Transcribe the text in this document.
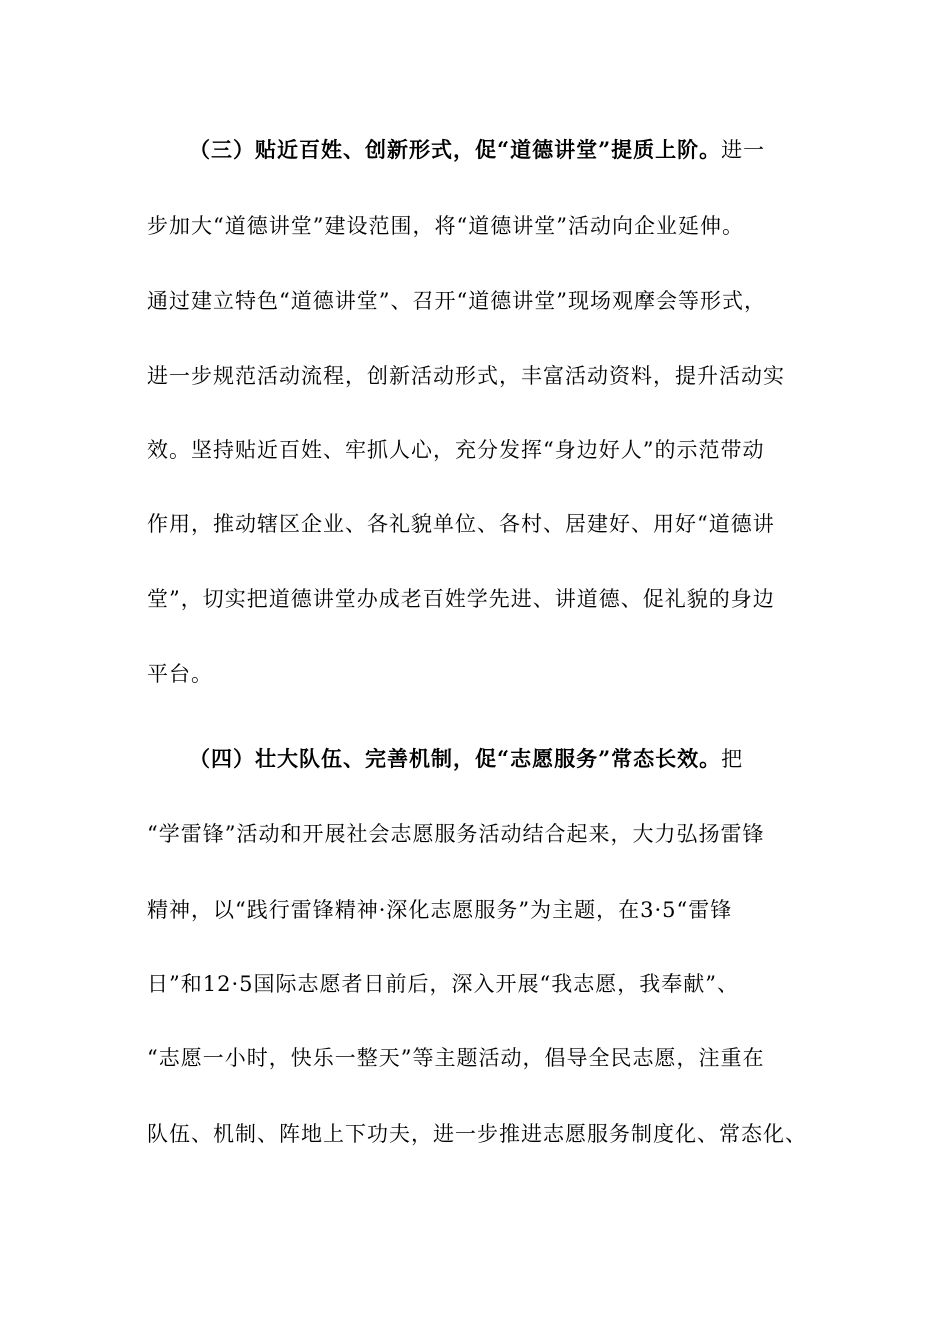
（三）贴近百姓、创新形式，促“道德讲堂”提质上阶。进一
步加大“道德讲堂”建设范围，将“道德讲堂”活动向企业延伸。
通过建立特色“道德讲堂”、召开“道德讲堂”现场观摩会等形式，
进一步规范活动流程，创新活动形式，丰富活动资料，提升活动实
效。坚持贴近百姓、牢抓人心，充分发挥“身边好人”的示范带动
作用，推动辖区企业、各礼貌单位、各村、居建好、用好“道德讲
堂”，切实把道德讲堂办成老百姓学先进、讲道德、促礼貌的身边
平台。
（四）壮大队伍、完善机制，促“志愿服务”常态长效。把
“学雷锋”活动和开展社会志愿服务活动结合起来，大力弘扬雷锋
精神，以“践行雷锋精神·深化志愿服务”为主题，在3·5“雷锋
日”和12·5国际志愿者日前后，深入开展“我志愿，我奉献”、
“志愿一小时，快乐一整天”等主题活动，倡导全民志愿，注重在
队伍、机制、阵地上下功夫，进一步推进志愿服务制度化、常态化、
